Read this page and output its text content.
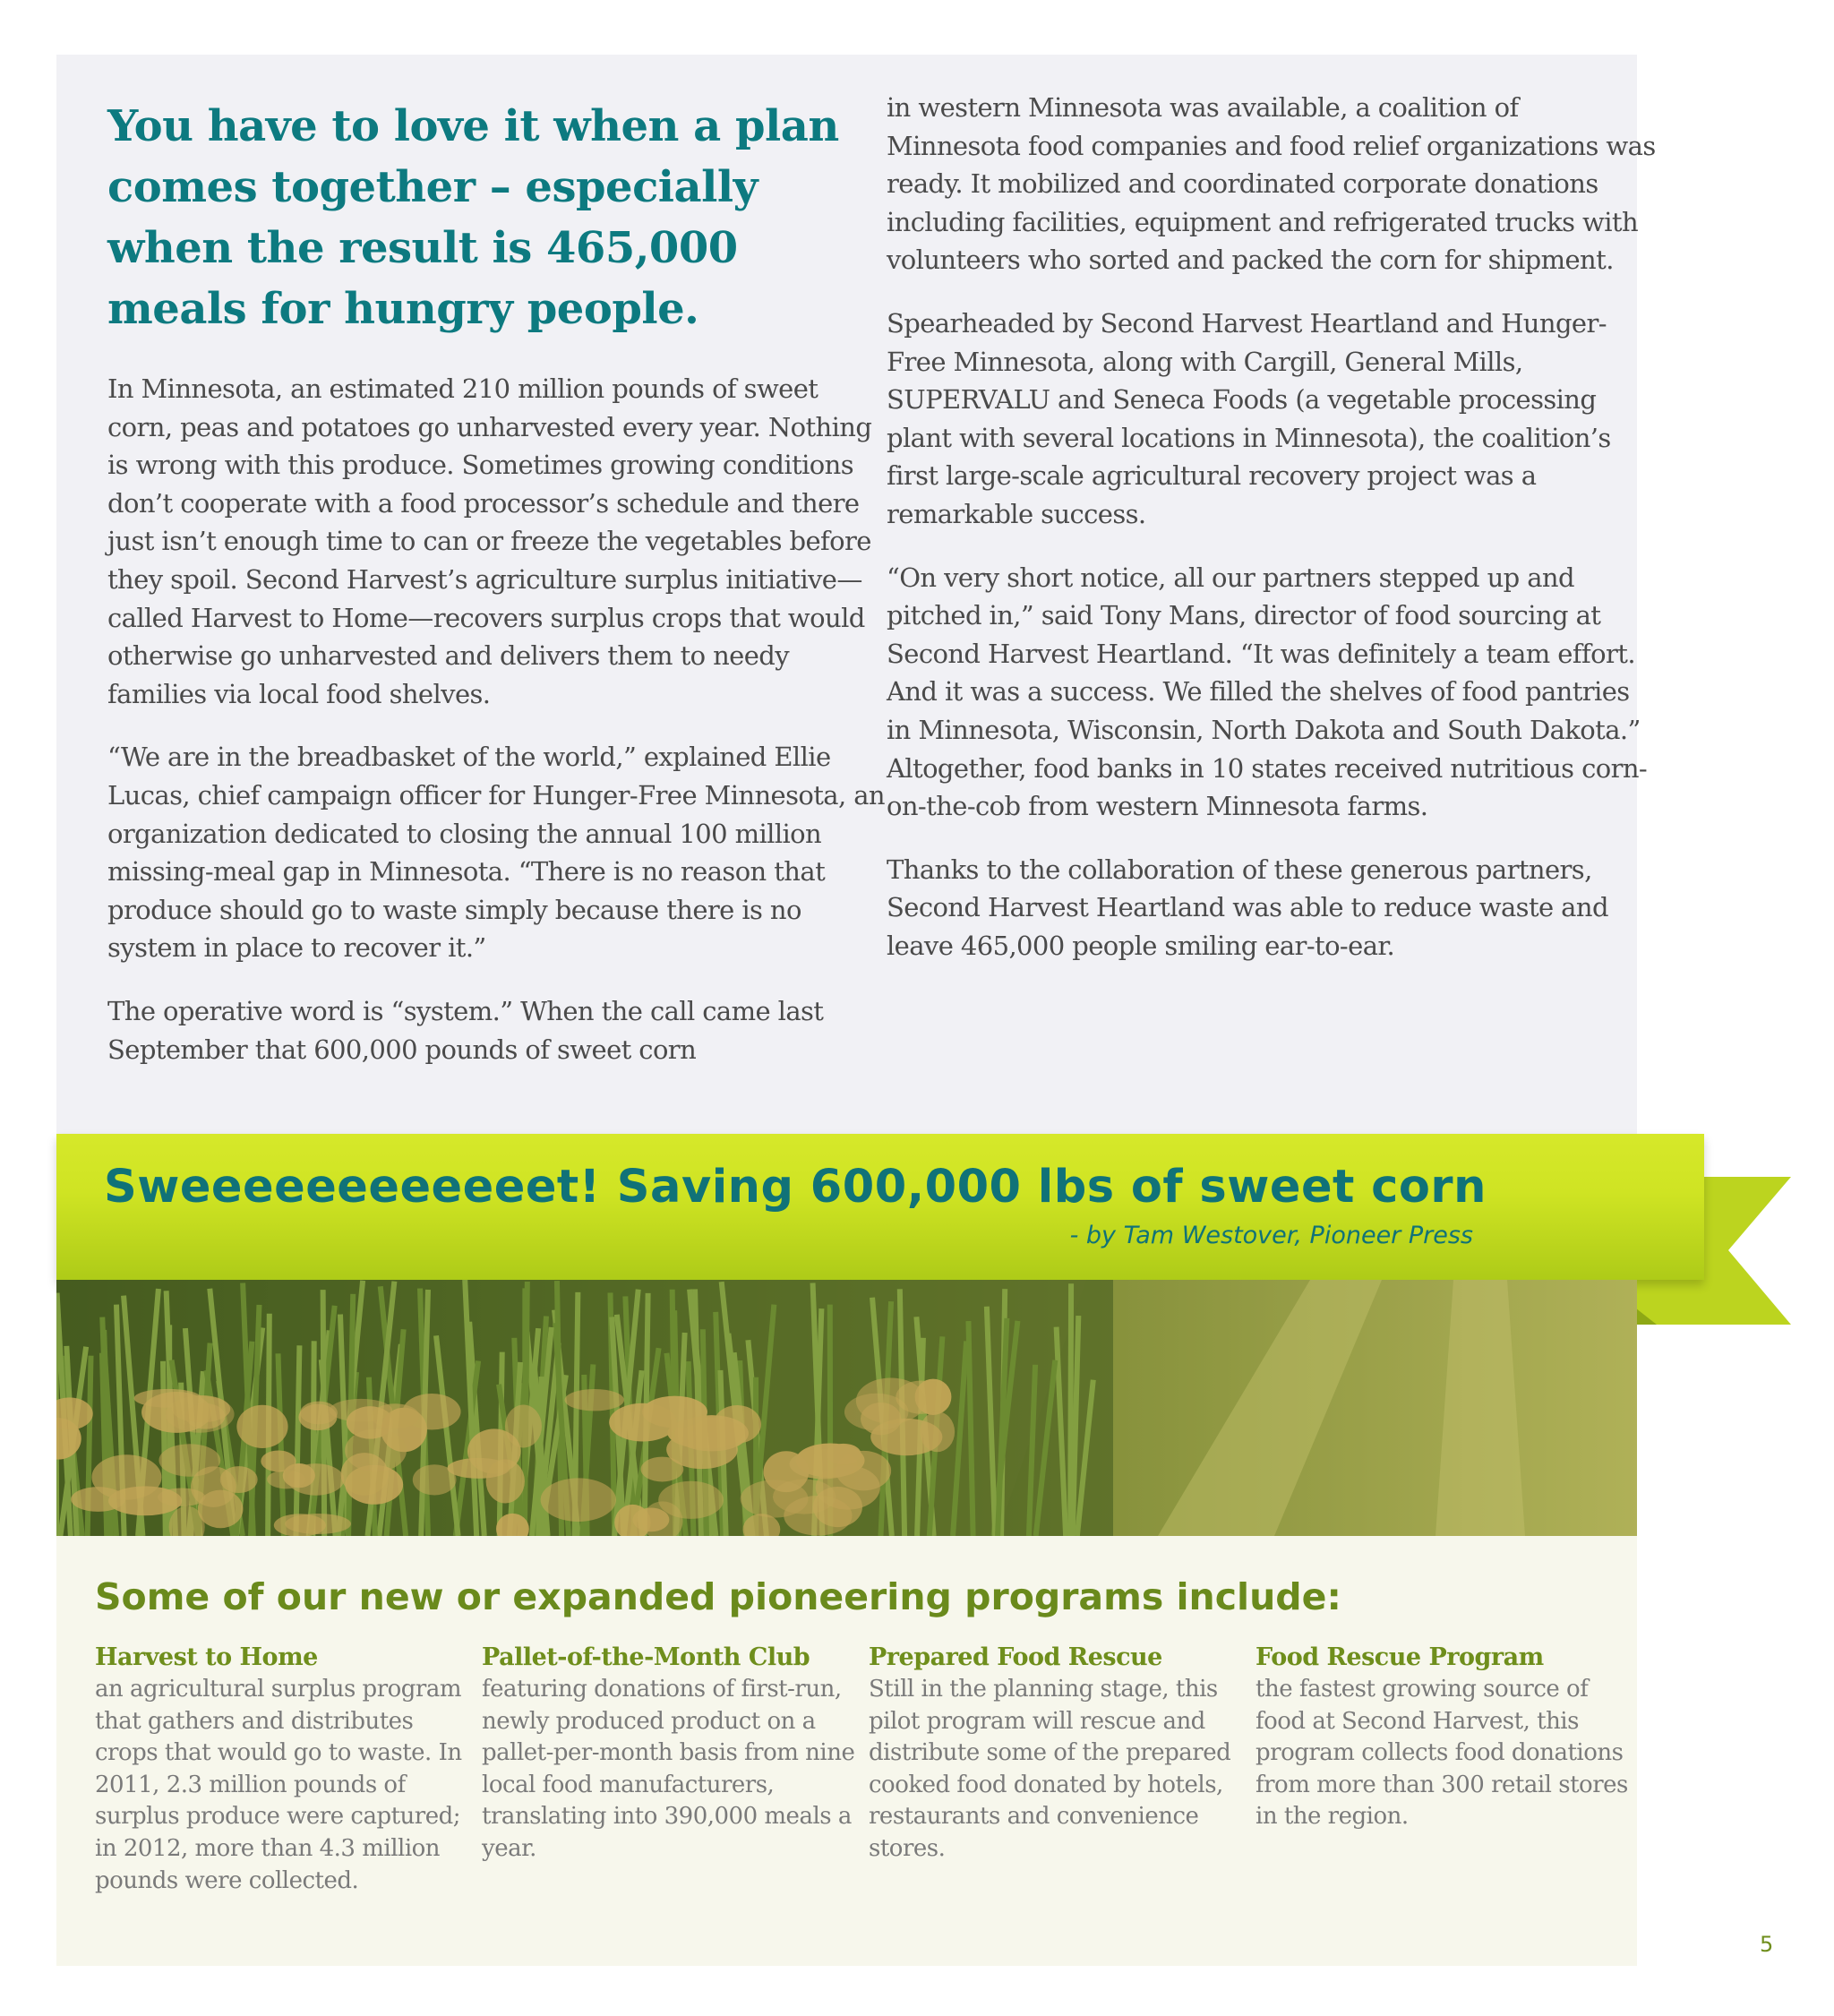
You have to love it when a plan comes together – especially when the result is 465,000 meals for hungry people.

In Minnesota, an estimated 210 million pounds of sweet corn, peas and potatoes go unharvested every year. Nothing is wrong with this produce. Sometimes growing conditions don’t cooperate with a food processor’s schedule and there just isn’t enough time to can or freeze the vegetables before they spoil. Second Harvest’s agriculture surplus initiative—called Harvest to Home—recovers surplus crops that would otherwise go unharvested and delivers them to needy families via local food shelves.

“We are in the breadbasket of the world,” explained Ellie Lucas, chief campaign officer for Hunger-Free Minnesota, an organization dedicated to closing the annual 100 million missing-meal gap in Minnesota. “There is no reason that produce should go to waste simply because there is no system in place to recover it.”

The operative word is “system.” When the call came last September that 600,000 pounds of sweet corn

in western Minnesota was available, a coalition of Minnesota food companies and food relief organizations was ready. It mobilized and coordinated corporate donations including facilities, equipment and refrigerated trucks with volunteers who sorted and packed the corn for shipment.

Spearheaded by Second Harvest Heartland and Hunger-Free Minnesota, along with Cargill, General Mills, SUPERVALU and Seneca Foods (a vegetable processing plant with several locations in Minnesota), the coalition’s first large-scale agricultural recovery project was a remarkable success.

“On very short notice, all our partners stepped up and pitched in,” said Tony Mans, director of food sourcing at Second Harvest Heartland. “It was definitely a team effort. And it was a success. We filled the shelves of food pantries in Minnesota, Wisconsin, North Dakota and South Dakota.” Altogether, food banks in 10 states received nutritious corn-on-the-cob from western Minnesota farms.

Thanks to the collaboration of these generous partners, Second Harvest Heartland was able to reduce waste and leave 465,000 people smiling ear-to-ear.

Sweeeeeeeeeeeet! Saving 600,000 lbs of sweet corn
- by Tam Westover, Pioneer Press
Some of our new or expanded pioneering programs include:
Harvest to Home
an agricultural surplus program that gathers and distributes crops that would go to waste. In 2011, 2.3 million pounds of surplus produce were captured; in 2012, more than 4.3 million pounds were collected.
Pallet-of-the-Month Club
featuring donations of first-run, newly produced product on a pallet-per-month basis from nine local food manufacturers, translating into 390,000 meals a year.
Prepared Food Rescue
Still in the planning stage, this pilot program will rescue and distribute some of the prepared cooked food donated by hotels, restaurants and convenience stores.
Food Rescue Program
the fastest growing source of food at Second Harvest, this program collects food donations from more than 300 retail stores in the region.
5
